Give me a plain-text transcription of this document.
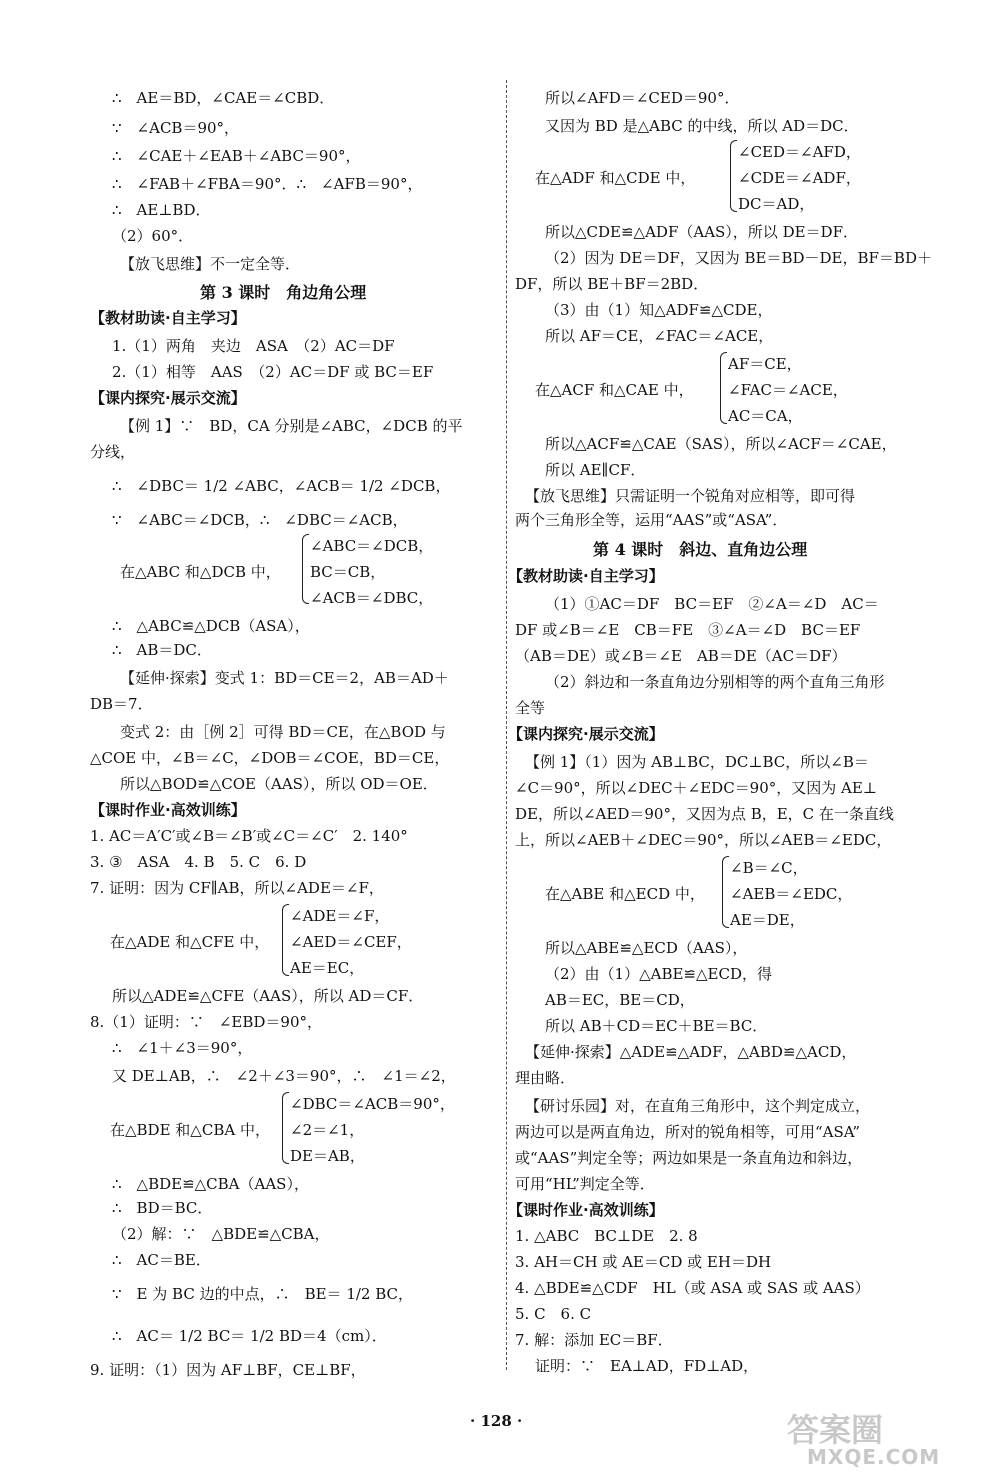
∴　AE＝BD，∠CAE＝∠CBD．
∵　∠ACB＝90°，
∴　∠CAE＋∠EAB＋∠ABC＝90°，
∴　∠FAB＋∠FBA＝90°．∴　∠AFB＝90°，
∴　AE⊥BD．
（2）60°．
【放飞思维】不一定全等．
第 3 课时　角边角公理
【教材助读·自主学习】
1.（1）两角　夹边　ASA　（2）AC＝DF
2.（1）相等　AAS　（2）AC＝DF 或 BC＝EF
【课内探究·展示交流】
【例 1】∵　BD，CA 分别是∠ABC，∠DCB 的平
分线，
∴　∠DBC＝ 1/2 ∠ABC，∠ACB＝ 1/2 ∠DCB，
∵　∠ABC＝∠DCB，∴　∠DBC＝∠ACB，
∠ABC＝∠DCB，
在△ABC 和△DCB 中， BC＝CB，
∠ACB＝∠DBC，
∴　△ABC≌△DCB（ASA），
∴　AB＝DC．
【延伸·探索】变式 1：BD＝CE＝2，AB＝AD＋
DB＝7．
变式 2：由［例 2］可得 BD＝CE，在△BOD 与
△COE 中，∠B＝∠C，∠DOB＝∠COE，BD＝CE，
所以△BOD≌△COE（AAS），所以 OD＝OE．
【课时作业·高效训练】
1. AC＝A′C′或∠B＝∠B′或∠C＝∠C′　2. 140°
3. ③　ASA　4. B　5. C　6. D
7. 证明：因为 CF∥AB，所以∠ADE＝∠F，
∠ADE＝∠F，
在△ADE 和△CFE 中， ∠AED＝∠CEF，
AE＝EC，
所以△ADE≌△CFE（AAS），所以 AD＝CF．
8.（1）证明：∵　∠EBD＝90°，
∴　∠1＋∠3＝90°，
又 DE⊥AB，∴　∠2＋∠3＝90°，∴　∠1＝∠2，
∠DBC＝∠ACB＝90°，
在△BDE 和△CBA 中， ∠2＝∠1，
DE＝AB，
∴　△BDE≌△CBA（AAS），
∴　BD＝BC．
（2）解：∵　△BDE≌△CBA，
∴　AC＝BE．
∵　E 为 BC 边的中点，∴　BE＝ 1/2 BC，
∴　AC＝ 1/2 BC＝ 1/2 BD＝4（cm）．
9. 证明：（1）因为 AF⊥BF，CE⊥BF，
所以∠AFD＝∠CED＝90°．
又因为 BD 是△ABC 的中线，所以 AD＝DC．
∠CED＝∠AFD，
在△ADF 和△CDE 中，	∠CDE＝∠ADF，
DC＝AD，
所以△CDE≌△ADF（AAS），所以 DE＝DF．
（2）因为 DE＝DF，又因为 BE＝BD－DE，BF＝BD＋
DF，所以 BE＋BF＝2BD．
（3）由（1）知△ADF≌△CDE，
所以 AF＝CE，∠FAC＝∠ACE，
AF＝CE，
在△ACF 和△CAE 中， ∠FAC＝∠ACE，
AC＝CA，
所以△ACF≌△CAE（SAS），所以∠ACF＝∠CAE，
所以 AE∥CF．
【放飞思维】只需证明一个锐角对应相等，即可得
两个三角形全等，运用“AAS”或“ASA”．
第 4 课时　斜边、直角边公理
【教材助读·自主学习】
（1）①AC＝DF　BC＝EF　②∠A＝∠D　AC＝
DF 或∠B＝∠E　CB＝FE　③∠A＝∠D　BC＝EF
（AB＝DE）或∠B＝∠E　AB＝DE（AC＝DF）
（2）斜边和一条直角边分别相等的两个直角三角形
全等
【课内探究·展示交流】
【例 1】（1）因为 AB⊥BC，DC⊥BC，所以∠B＝
∠C＝90°，所以∠DEC＋∠EDC＝90°，又因为 AE⊥
DE，所以∠AED＝90°，又因为点 B，E，C 在一条直线
上，所以∠AEB＋∠DEC＝90°，所以∠AEB＝∠EDC，
∠B＝∠C，
在△ABE 和△ECD 中， ∠AEB＝∠EDC，
AE＝DE，
所以△ABE≌△ECD（AAS），
（2）由（1）△ABE≌△ECD，得
AB＝EC，BE＝CD，
所以 AB＋CD＝EC＋BE＝BC．
【延伸·探索】△ADE≌△ADF，△ABD≌△ACD，
理由略．
【研讨乐园】对，在直角三角形中，这个判定成立，
两边可以是两直角边，所对的锐角相等，可用“ASA”
或“AAS”判定全等；两边如果是一条直角边和斜边，
可用“HL”判定全等．
【课时作业·高效训练】
1. △ABC　BC⊥DE　2. 8
3. AH＝CH 或 AE＝CD 或 EH＝DH
4. △BDE≌△CDF　HL（或 ASA 或 SAS 或 AAS）
5. C　6. C
7. 解：添加 EC＝BF．
证明：∵　EA⊥AD，FD⊥AD，
· 128 ·	答案圈
MXQE.COM
